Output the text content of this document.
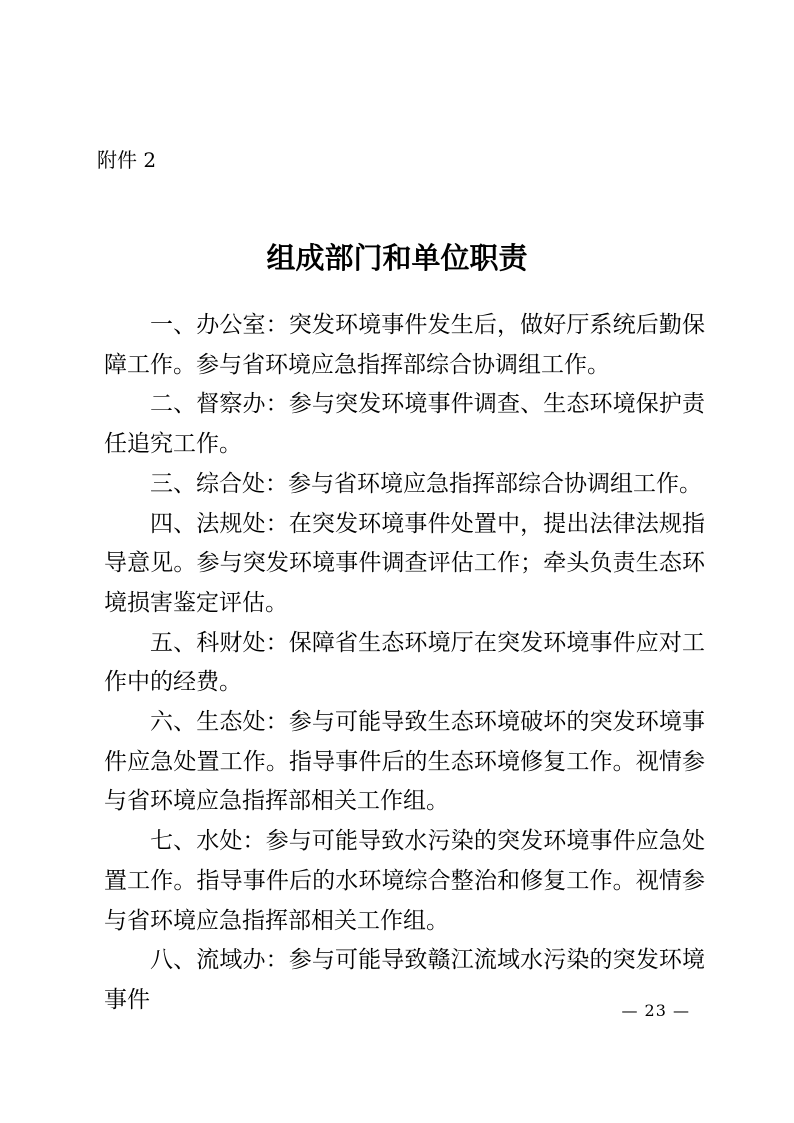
附件 2
组成部门和单位职责

一、办公室：突发环境事件发生后，做好厅系统后勤保障工作。参与省环境应急指挥部综合协调组工作。

二、督察办：参与突发环境事件调查、生态环境保护责任追究工作。

三、综合处：参与省环境应急指挥部综合协调组工作。

四、法规处：在突发环境事件处置中，提出法律法规指导意见。参与突发环境事件调查评估工作；牵头负责生态环境损害鉴定评估。

五、科财处：保障省生态环境厅在突发环境事件应对工作中的经费。

六、生态处：参与可能导致生态环境破坏的突发环境事件应急处置工作。指导事件后的生态环境修复工作。视情参与省环境应急指挥部相关工作组。

七、水处：参与可能导致水污染的突发环境事件应急处置工作。指导事件后的水环境综合整治和修复工作。视情参与省环境应急指挥部相关工作组。

八、流域办：参与可能导致赣江流域水污染的突发环境事件	— 23 —
